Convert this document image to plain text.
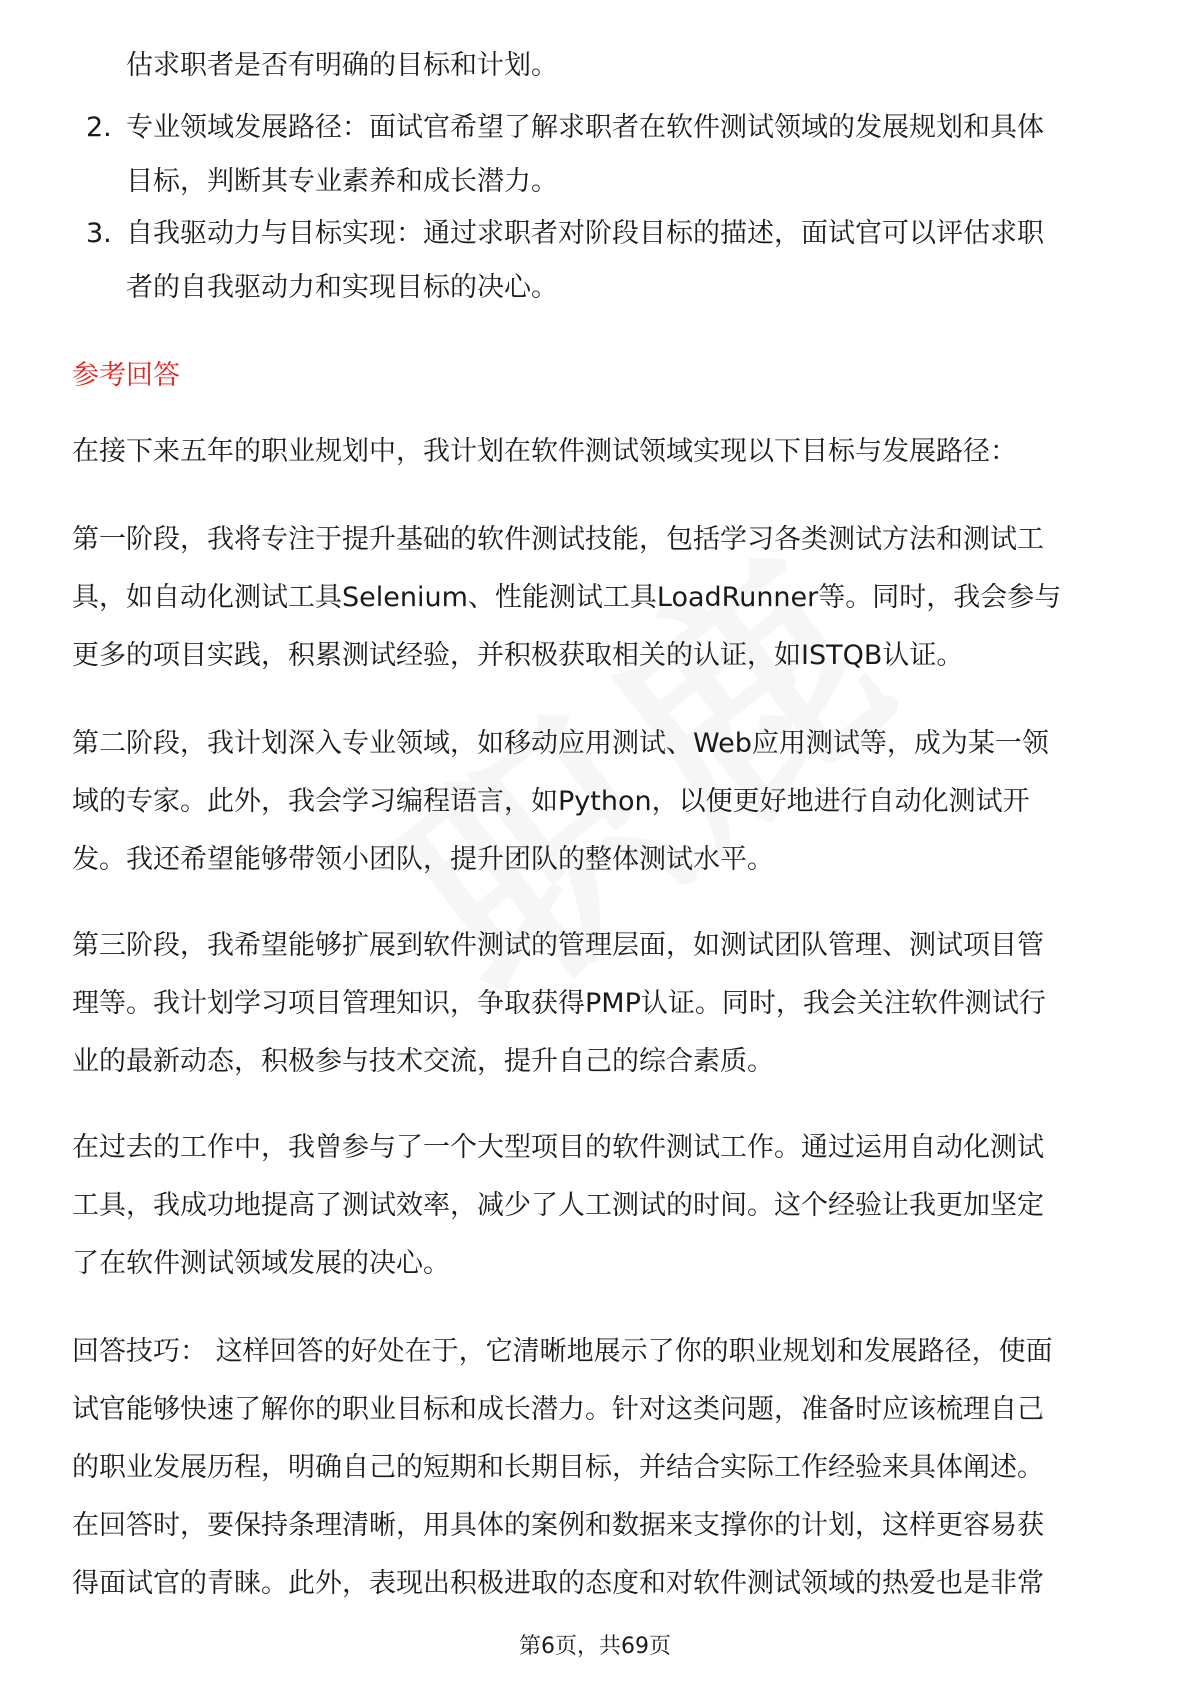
估求职者是否有明确的目标和计划。
2. 专业领域发展路径：面试官希望了解求职者在软件测试领域的发展规划和具体
目标，判断其专业素养和成长潜力。
3. 自我驱动力与目标实现：通过求职者对阶段目标的描述，面试官可以评估求职
者的自我驱动力和实现目标的决心。
参考回答
在接下来五年的职业规划中，我计划在软件测试领域实现以下目标与发展路径：
第一阶段，我将专注于提升基础的软件测试技能，包括学习各类测试方法和测试工
具，如自动化测试工具Selenium、性能测试工具LoadRunner等。同时，我会参与
更多的项目实践，积累测试经验，并积极获取相关的认证，如ISTQB认证。
第二阶段，我计划深入专业领域，如移动应用测试、Web应用测试等，成为某一领
域的专家。此外，我会学习编程语言，如Python，以便更好地进行自动化测试开
发。我还希望能够带领小团队，提升团队的整体测试水平。
第三阶段，我希望能够扩展到软件测试的管理层面，如测试团队管理、测试项目管
理等。我计划学习项目管理知识，争取获得PMP认证。同时，我会关注软件测试行
业的最新动态，积极参与技术交流，提升自己的综合素质。
在过去的工作中，我曾参与了一个大型项目的软件测试工作。通过运用自动化测试
工具，我成功地提高了测试效率，减少了人工测试的时间。这个经验让我更加坚定
了在软件测试领域发展的决心。
回答技巧： 这样回答的好处在于，它清晰地展示了你的职业规划和发展路径，使面
试官能够快速了解你的职业目标和成长潜力。针对这类问题，准备时应该梳理自己
的职业发展历程，明确自己的短期和长期目标，并结合实际工作经验来具体阐述。
在回答时，要保持条理清晰，用具体的案例和数据来支撑你的计划，这样更容易获
得面试官的青睐。此外，表现出积极进取的态度和对软件测试领域的热爱也是非常
第6页，共69页
